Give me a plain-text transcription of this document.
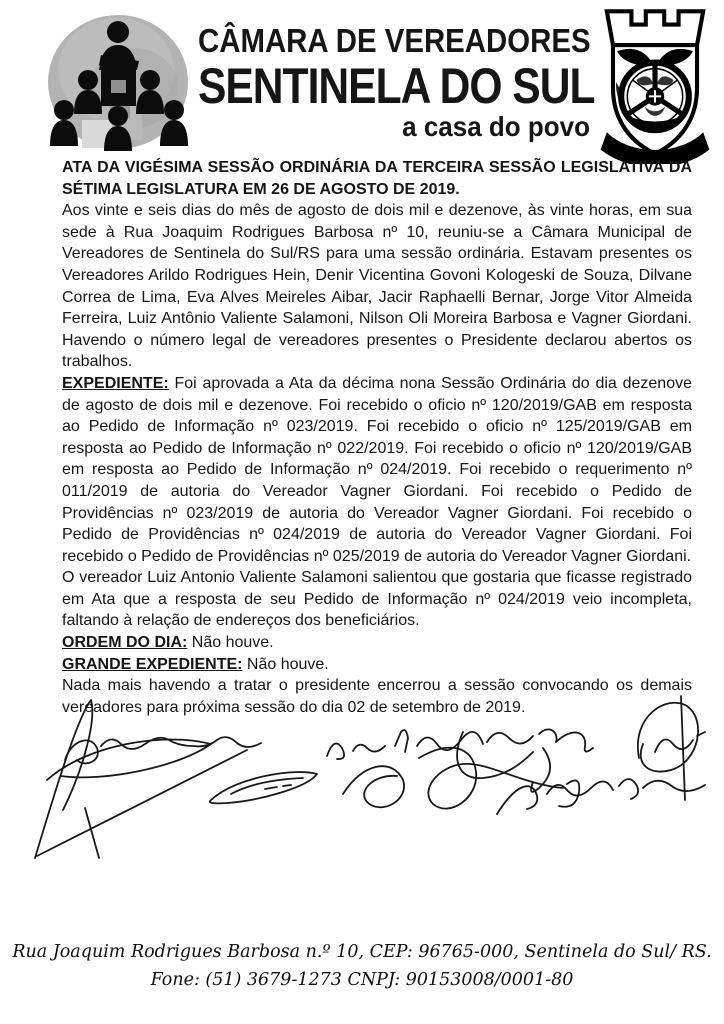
CÂMARA DE VEREADORES
SENTINELA DO SUL
a casa do povo

ATA DA VIGÉSIMA SESSÃO ORDINÁRIA DA TERCEIRA SESSÃO LEGISLATIVA DA SÉTIMA LEGISLATURA EM 26 DE AGOSTO DE 2019.

Aos vinte e seis dias do mês de agosto de dois mil e dezenove, às vinte horas, em sua sede à Rua Joaquim Rodrigues Barbosa nº 10, reuniu-se a Câmara Municipal de Vereadores de Sentinela do Sul/RS para uma sessão ordinária. Estavam presentes os Vereadores Arildo Rodrigues Hein, Denir Vicentina Govoni Kologeski de Souza, Dilvane Correa de Lima, Eva Alves Meireles Aibar, Jacir Raphaelli Bernar, Jorge Vitor Almeida Ferreira, Luiz Antônio Valiente Salamoni, Nilson Oli Moreira Barbosa e Vagner Giordani. Havendo o número legal de vereadores presentes o Presidente declarou abertos os trabalhos.

EXPEDIENTE: Foi aprovada a Ata da décima nona Sessão Ordinária do dia dezenove de agosto de dois mil e dezenove. Foi recebido o oficio nº 120/2019/GAB em resposta ao Pedido de Informação nº 023/2019. Foi recebido o oficio nº 125/2019/GAB em resposta ao Pedido de Informação nº 022/2019. Foi recebido o oficio nº 120/2019/GAB em resposta ao Pedido de Informação nº 024/2019. Foi recebido o requerimento nº 011/2019 de autoria do Vereador Vagner Giordani. Foi recebido o Pedido de Providências nº 023/2019 de autoria do Vereador Vagner Giordani. Foi recebido o Pedido de Providências nº 024/2019 de autoria do Vereador Vagner Giordani. Foi recebido o Pedido de Providências nº 025/2019 de autoria do Vereador Vagner Giordani.

O vereador Luiz Antonio Valiente Salamoni salientou que gostaria que ficasse registrado em Ata que a resposta de seu Pedido de Informação nº 024/2019 veio incompleta, faltando à relação de endereços dos beneficiários.

ORDEM DO DIA: Não houve.

GRANDE EXPEDIENTE: Não houve.

Nada mais havendo a tratar o presidente encerrou a sessão convocando os demais vereadores para próxima sessão do dia 02 de setembro de 2019.

Rua Joaquim Rodrigues Barbosa n.º 10, CEP: 96765-000, Sentinela do Sul/ RS.
Fone: (51) 3679-1273 CNPJ: 90153008/0001-80
